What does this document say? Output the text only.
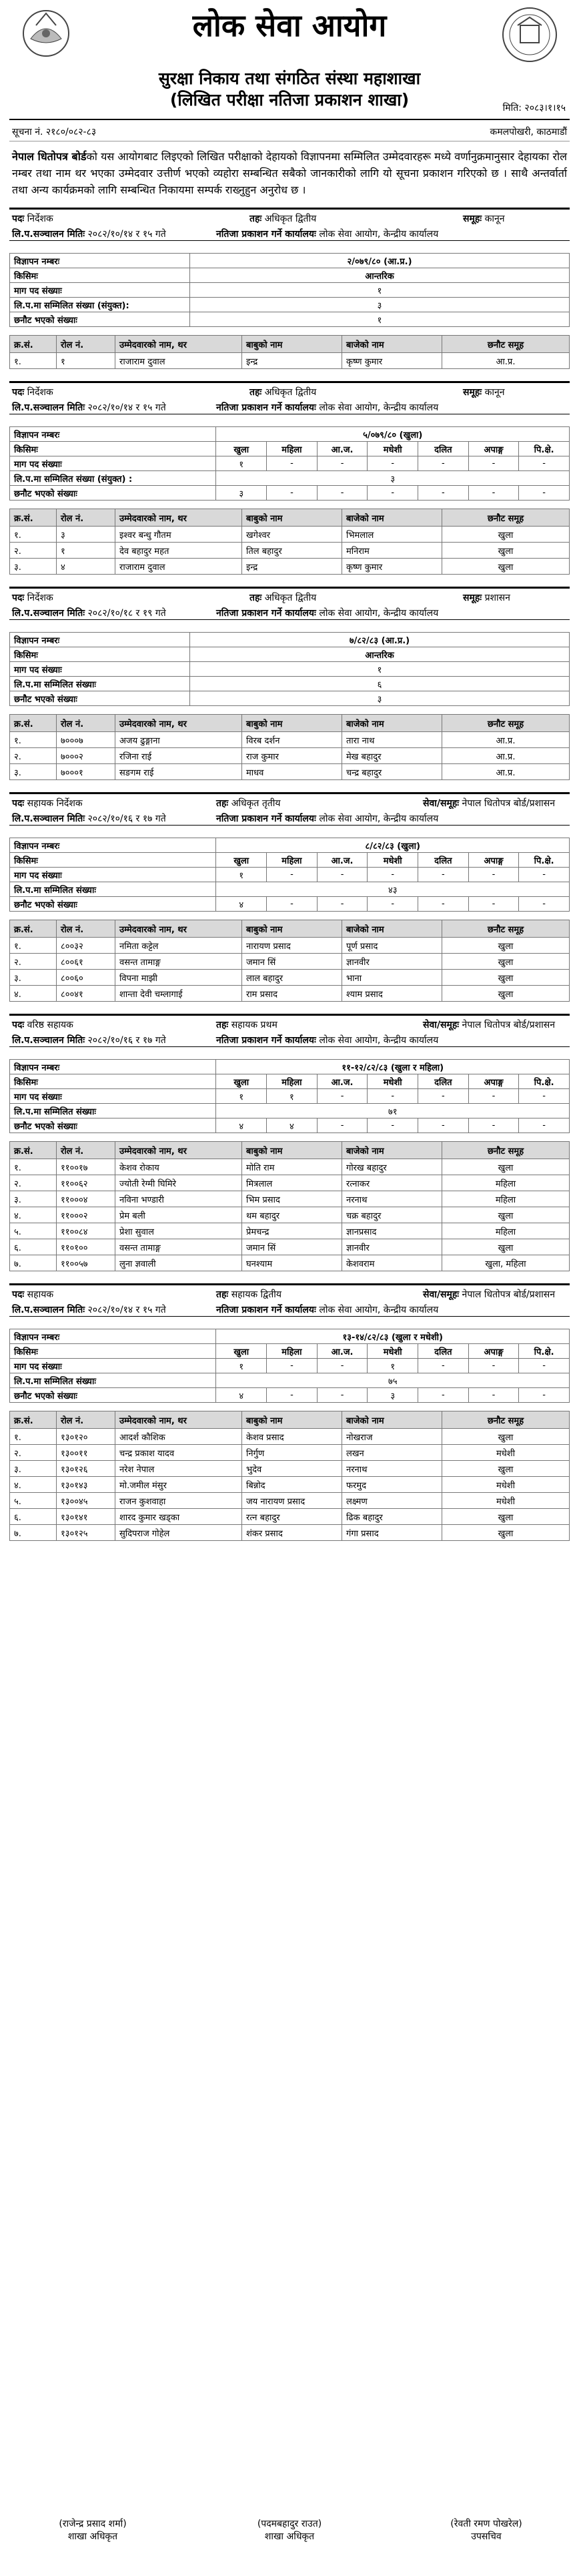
लोक सेवा आयोग
सुरक्षा निकाय तथा संगठित संस्था महाशाखा
(लिखित परीक्षा नतिजा प्रकाशन शाखा)	मिति: २०८३।१।१५
सूचना नं. २१८०/०८२-८३	कमलपोखरी, काठमाडौं
नेपाल धितोपत्र बोर्डको यस आयोगबाट लिइएको लिखित परीक्षाको देहायको विज्ञापनमा सम्मिलित उम्मेदवारहरू मध्ये वर्णानुक्रमानुसार देहायका रोल नम्बर तथा नाम थर भएका उम्मेदवार उत्तीर्ण भएको व्यहोरा सम्बन्धित सबैको जानकारीको लागि यो सूचना प्रकाशन गरिएको छ । साथै अन्तर्वार्ता तथा अन्य कार्यक्रमको लागि सम्बन्धित निकायमा सम्पर्क राख्नुहुन अनुरोध छ ।
पदः निर्देशक	तहः अधिकृत द्वितीय	समूहः कानून
लि.प.सञ्चालन मितिः २०८२/१०/१४ र १५ गते	नतिजा प्रकाशन गर्ने कार्यालयः लोक सेवा आयोग, केन्द्रीय कार्यालय
विज्ञापन नम्बरः	२/०७९/८० (आ.प्र.)
किसिमः	आन्तरिक
माग पद संख्याः	१
लि.प.मा सम्मिलित संख्या (संयुक्त):	३
छनौट भएको संख्याः	१
क्र.सं.	रोल नं.	उम्मेदवारको नाम, थर	बाबुको नाम	बाजेको नाम	छनौट समूह
१.	१	राजाराम दुवाल	इन्द्र	कृष्ण कुमार	आ.प्र.
पदः निर्देशक	तहः अधिकृत द्वितीय	समूहः कानून
लि.प.सञ्चालन मितिः २०८२/१०/१४ र १५ गते	नतिजा प्रकाशन गर्ने कार्यालयः लोक सेवा आयोग, केन्द्रीय कार्यालय
विज्ञापन नम्बरः	५/०७९/८० (खुला)						
किसिमः	खुला	महिला	आ.ज.	मधेशी	दलित	अपाङ्ग	पि.क्षे.
माग पद संख्याः	१	-	-	-	-	-	-
लि.प.मा सम्मिलित संख्या (संयुक्त) :	३						
छनौट भएको संख्याः	३	-	-	-	-	-	-
क्र.सं.	रोल नं.	उम्मेदवारको नाम, थर	बाबुको नाम	बाजेको नाम	छनौट समूह
१.	३	इश्वर बन्धु गौतम	खगेश्वर	भिमलाल	खुला
२.	१	देव बहादुर महत	तिल बहादुर	मनिराम	खुला
३.	४	राजाराम दुवाल	इन्द्र	कृष्ण कुमार	खुला
पदः निर्देशक	तहः अधिकृत द्वितीय	समूहः प्रशासन
लि.प.सञ्चालन मितिः २०८२/१०/१८ र १९ गते	नतिजा प्रकाशन गर्ने कार्यालयः लोक सेवा आयोग, केन्द्रीय कार्यालय
विज्ञापन नम्बरः	७/८२/८३ (आ.प्र.)
किसिमः	आन्तरिक
माग पद संख्याः	१
लि.प.मा सम्मिलित संख्याः	६
छनौट भएको संख्याः	३
क्र.सं.	रोल नं.	उम्मेदवारको नाम, थर	बाबुको नाम	बाजेको नाम	छनौट समूह
१.	७०००७	अजय ढुङ्गाना	विरब दर्शन	तारा नाथ	आ.प्र.
२.	७०००२	रजिना राई	राज कुमार	मेख बहादुर	आ.प्र.
३.	७०००१	सङगम राई	माधव	चन्द्र बहादुर	आ.प्र.
पदः सहायक निर्देशक	तहः अधिकृत तृतीय	सेवा/समूहः नेपाल धितोपत्र बोर्ड/प्रशासन
लि.प.सञ्चालन मितिः २०८२/१०/१६ र १७ गते	नतिजा प्रकाशन गर्ने कार्यालयः लोक सेवा आयोग, केन्द्रीय कार्यालय
विज्ञापन नम्बरः	८/८२/८३ (खुला)						
किसिमः	खुला	महिला	आ.ज.	मधेशी	दलित	अपाङ्ग	पि.क्षे.
माग पद संख्याः	१	-	-	-	-	-	-
लि.प.मा सम्मिलित संख्याः	४३						
छनौट भएको संख्याः	४	-	-	-	-	-	-
क्र.सं.	रोल नं.	उम्मेदवारको नाम, थर	बाबुको नाम	बाजेको नाम	छनौट समूह
१.	८००३२	नमिता कट्टेल	नारायण प्रसाद	पूर्ण प्रसाद	खुला
२.	८००६१	वसन्त तामाङ्ग	जमान सिं	ज्ञानवीर	खुला
३.	८००६०	विपना माझी	लाल बहादुर	भाना	खुला
४.	८००४१	शान्ता देवी चम्लागाई	राम प्रसाद	श्याम प्रसाद	खुला
पदः वरिष्ठ सहायक	तहः सहायक प्रथम	सेवा/समूहः नेपाल धितोपत्र बोर्ड/प्रशासन
लि.प.सञ्चालन मितिः २०८२/१०/१६ र १७ गते	नतिजा प्रकाशन गर्ने कार्यालयः लोक सेवा आयोग, केन्द्रीय कार्यालय
विज्ञापन नम्बरः	११-१२/८२/८३ (खुला र महिला)						
किसिमः	खुला	महिला	आ.ज.	मधेशी	दलित	अपाङ्ग	पि.क्षे.
माग पद संख्याः	१	१	-	-	-	-	-
लि.प.मा सम्मिलित संख्याः	७१						
छनौट भएको संख्याः	४	४	-	-	-	-	-
क्र.सं.	रोल नं.	उम्मेदवारको नाम, थर	बाबुको नाम	बाजेको नाम	छनौट समूह
१.	११००१७	केशव रोकाय	मोति राम	गोरख बहादुर	खुला
२.	११००६२	ज्योती रेग्मी घिमिरे	मित्रलाल	रत्नाकर	महिला
३.	११०००४	नविना भण्डारी	भिम प्रसाद	नरनाथ	महिला
४.	११०००२	प्रेम बली	थम बहादुर	चक्र बहादुर	खुला
५.	११००८४	प्रेशा सुवाल	प्रेमचन्द्र	ज्ञानप्रसाद	महिला
६.	११०१००	वसन्त तामाङ्ग	जमान सिं	ज्ञानवीर	खुला
७.	११००५७	लुना ज्ञवाली	घनश्याम	केशवराम	खुला, महिला
पदः सहायक	तहः सहायक द्वितीय	सेवा/समूहः नेपाल धितोपत्र बोर्ड/प्रशासन
लि.प.सञ्चालन मितिः २०८२/१०/१४ र १५ गते	नतिजा प्रकाशन गर्ने कार्यालयः लोक सेवा आयोग, केन्द्रीय कार्यालय
विज्ञापन नम्बरः	१३-१४/८२/८३ (खुला र मधेशी)						
किसिमः	खुला	महिला	आ.ज.	मधेशी	दलित	अपाङ्ग	पि.क्षे.
माग पद संख्याः	१	-	-	१	-	-	-
लि.प.मा सम्मिलित संख्याः	७५						
छनौट भएको संख्याः	४	-	-	३	-	-	-
क्र.सं.	रोल नं.	उम्मेदवारको नाम, थर	बाबुको नाम	बाजेको नाम	छनौट समूह
१.	१३०१२०	आदर्श कौशिक	केशव प्रसाद	नोखराज	खुला
२.	१३००११	चन्द्र प्रकाश यादव	निर्गुण	लखन	मधेशी
३.	१३०१२६	नरेश नेपाल	भुदेव	नरनाथ	खुला
४.	१३०१४३	मो.जमील मंसुर	बिन्नोद	फरमुद	मधेशी
५.	१३००४५	राजन कुशवाहा	जय नारायण प्रसाद	लक्ष्मण	मधेशी
६.	१३०१४१	शारद कुमार खड्का	रत्न बहादुर	ढिक बहादुर	खुला
७.	१३०१२५	सुदिपराज गोहेल	शंकर प्रसाद	गंगा प्रसाद	खुला

(राजेन्द्र प्रसाद शर्मा)

शाखा अधिकृत

(पदमबहादुर राउत)

शाखा अधिकृत

(रेवती रमण पोखरेल)

उपसचिव
